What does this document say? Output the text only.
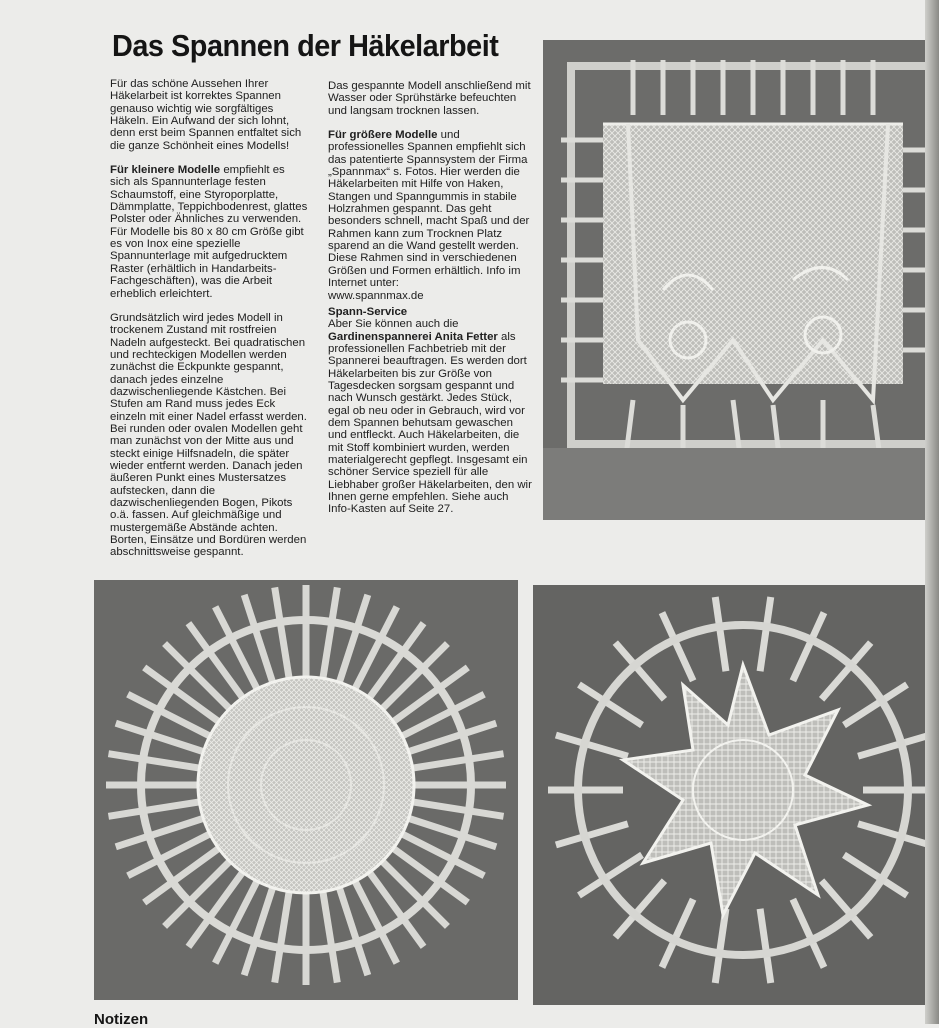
Das Spannen der Häkelarbeit

Für das schöne Aussehen Ihrer Häkelarbeit ist korrektes Spannen genauso wichtig wie sorgfältiges Häkeln. Ein Aufwand der sich lohnt, denn erst beim Spannen entfaltet sich die ganze Schönheit eines Modells!

Für kleinere Modelle empfiehlt es sich als Spannunterlage festen Schaumstoff, eine Styroporplatte, Dämmplatte, Teppichbodenrest, glattes Polster oder Ähnliches zu verwenden. Für Modelle bis 80 x 80 cm Größe gibt es von Inox eine spezielle Spannunterlage mit aufgedrucktem Raster (erhältlich in Handarbeits-Fachgeschäften), was die Arbeit erheblich erleichtert.

Grundsätzlich wird jedes Modell in trockenem Zustand mit rostfreien Nadeln aufgesteckt. Bei quadratischen und rechteckigen Modellen werden zunächst die Eckpunkte gespannt, danach jedes einzelne dazwischenliegende Kästchen. Bei Stufen am Rand muss jedes Eck einzeln mit einer Nadel erfasst werden. Bei runden oder ovalen Modellen geht man zunächst von der Mitte aus und steckt einige Hilfsnadeln, die später wieder entfernt werden. Danach jeden äußeren Punkt eines Mustersatzes aufstecken, dann die dazwischenliegenden Bogen, Pikots o.ä. fassen. Auf gleichmäßige und mustergemäße Abstände achten. Borten, Einsätze und Bordüren werden abschnittsweise gespannt.

Das gespannte Modell anschließend mit Wasser oder Sprühstärke befeuchten und langsam trocknen lassen.

Für größere Modelle und professionelles Spannen empfiehlt sich das patentierte Spannsystem der Firma „Spannmax“ s. Fotos. Hier werden die Häkelarbeiten mit Hilfe von Haken, Stangen und Spanngummis in stabile Holzrahmen gespannt. Das geht besonders schnell, macht Spaß und der Rahmen kann zum Trocknen Platz sparend an die Wand gestellt werden. Diese Rahmen sind in verschiedenen Größen und Formen erhältlich. Info im Internet unter:

www.spannmax.de

Spann-Service
Aber Sie können auch die Gardinenspannerei Anita Fetter als professionellen Fachbetrieb mit der Spannerei beauftragen. Es werden dort Häkelarbeiten bis zur Größe von Tagesdecken sorgsam gespannt und nach Wunsch gestärkt. Jedes Stück, egal ob neu oder in Gebrauch, wird vor dem Spannen behutsam gewaschen und entfleckt. Auch Häkelarbeiten, die mit Stoff kombiniert wurden, werden materialgerecht gepflegt. Insgesamt ein schöner Service speziell für alle Liebhaber großer Häkelarbeiten, den wir Ihnen gerne empfehlen. Siehe auch Info-Kasten auf Seite 27.

Notizen
